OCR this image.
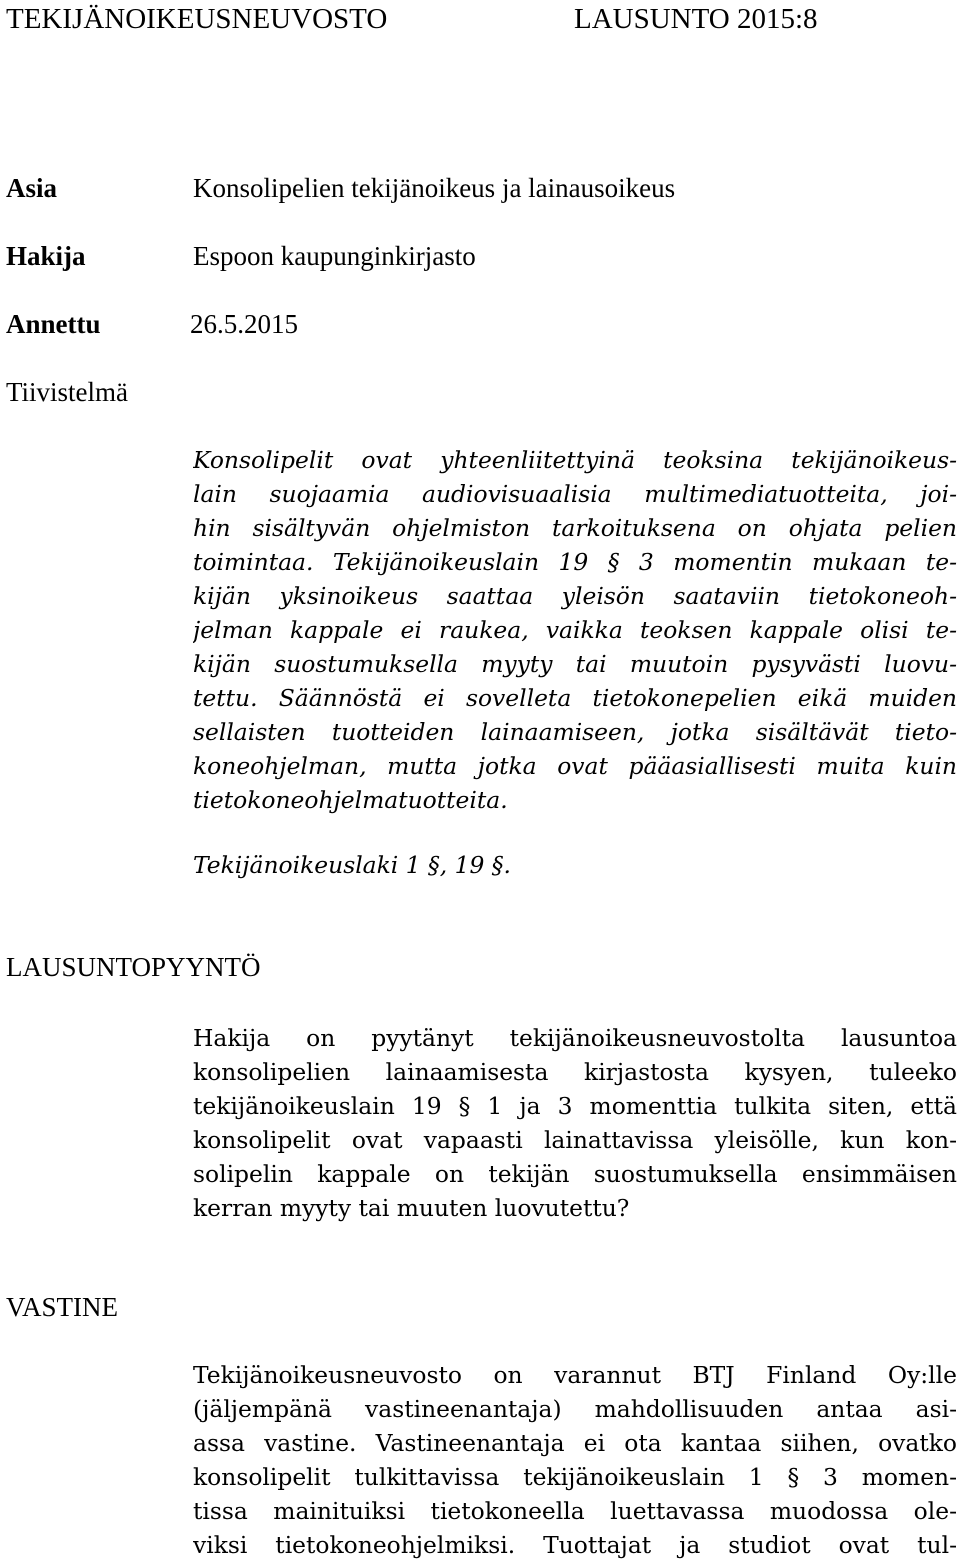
TEKIJÄNOIKEUSNEUVOSTO	LAUSUNTO 2015:8
Asia	Konsolipelien tekijänoikeus ja lainausoikeus
Hakija	Espoon kaupunginkirjasto
Annettu	26.5.2015
Tiivistelmä
Konsolipelit ovat yhteenliitettyinä teoksina tekijänoikeus-
lain suojaamia audiovisuaalisia multimediatuotteita, joi-
hin sisältyvän ohjelmiston tarkoituksena on ohjata pelien
toimintaa. Tekijänoikeuslain 19 § 3 momentin mukaan te-
kijän yksinoikeus saattaa yleisön saataviin tietokoneoh-
jelman kappale ei raukea, vaikka teoksen kappale olisi te-
kijän suostumuksella myyty tai muutoin pysyvästi luovu-
tettu. Säännöstä ei sovelleta tietokonepelien eikä muiden
sellaisten tuotteiden lainaamiseen, jotka sisältävät tieto-
koneohjelman, mutta jotka ovat pääasiallisesti muita kuin
tietokoneohjelmatuotteita.
Tekijänoikeuslaki 1 §, 19 §.
LAUSUNTOPYYNTÖ
Hakija on pyytänyt tekijänoikeusneuvostolta lausuntoa
konsolipelien lainaamisesta kirjastosta kysyen, tuleeko
tekijänoikeuslain 19 § 1 ja 3 momenttia tulkita siten, että
konsolipelit ovat vapaasti lainattavissa yleisölle, kun kon-
solipelin kappale on tekijän suostumuksella ensimmäisen
kerran myyty tai muuten luovutettu?
VASTINE
Tekijänoikeusneuvosto on varannut BTJ Finland Oy:lle
(jäljempänä vastineenantaja) mahdollisuuden antaa asi-
assa vastine. Vastineenantaja ei ota kantaa siihen, ovatko
konsolipelit tulkittavissa tekijänoikeuslain 1 § 3 momen-
tissa mainituiksi tietokoneella luettavassa muodossa ole-
viksi tietokoneohjelmiksi. Tuottajat ja studiot ovat tul-
